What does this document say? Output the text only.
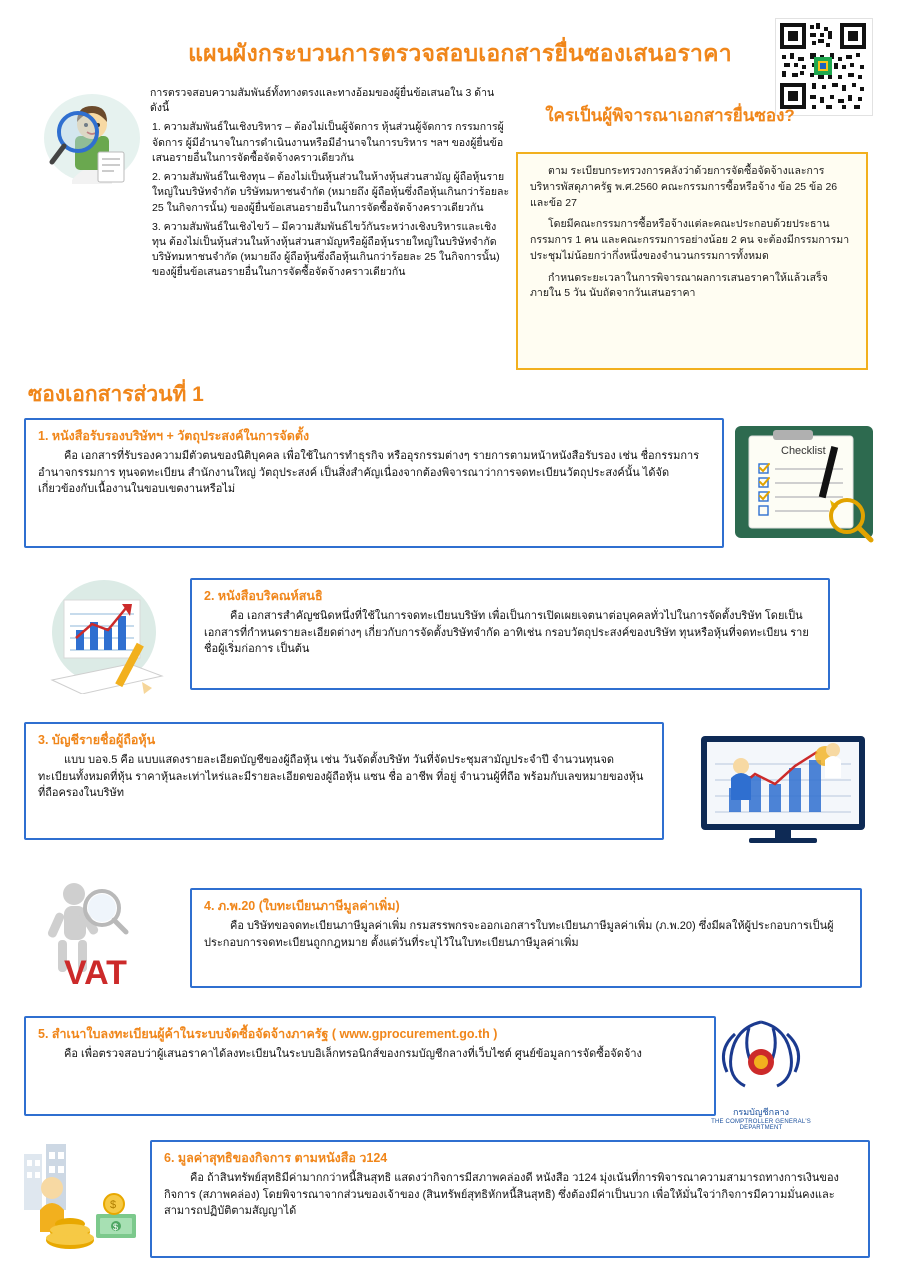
แผนผังกระบวนการตรวจสอบเอกสารยื่นซองเสนอราคา

การตรวจสอบความสัมพันธ์ทั้งทางตรงและทางอ้อมของผู้ยื่นข้อเสนอใน 3 ด้าน ดังนี้

1. ความสัมพันธ์ในเชิงบริหาร – ต้องไม่เป็นผู้จัดการ หุ้นส่วนผู้จัดการ กรรมการผู้จัดการ ผู้มีอำนาจในการดำเนินงานหรือมีอำนาจในการบริหาร ฯลฯ ของผู้ยื่นข้อเสนอรายอื่นในการจัดซื้อจัดจ้างคราวเดียวกัน
2. ความสัมพันธ์ในเชิงทุน – ต้องไม่เป็นหุ้นส่วนในห้างหุ้นส่วนสามัญ ผู้ถือหุ้นรายใหญ่ในบริษัทจำกัด บริษัทมหาชนจำกัด (หมายถึง ผู้ถือหุ้นซึ่งถือหุ้นเกินกว่าร้อยละ 25 ในกิจการนั้น) ของผู้ยื่นข้อเสนอรายอื่นในการจัดซื้อจัดจ้างคราวเดียวกัน
3. ความสัมพันธ์ในเชิงไขว้ – มีความสัมพันธ์ไขว้กันระหว่างเชิงบริหารและเชิงทุน ต้องไม่เป็นหุ้นส่วนในห้างหุ้นส่วนสามัญหรือผู้ถือหุ้นรายใหญ่ในบริษัทจำกัด บริษัทมหาชนจำกัด (หมายถึง ผู้ถือหุ้นซึ่งถือหุ้นเกินกว่าร้อยละ 25 ในกิจการนั้น) ของผู้ยื่นข้อเสนอรายอื่นในการจัดซื้อจัดจ้างคราวเดียวกัน
ใครเป็นผู้พิจารณาเอกสารยื่นซอง?

ตาม ระเบียบกระทรวงการคลังว่าด้วยการจัดซื้อจัดจ้างและการบริหารพัสดุภาครัฐ พ.ศ.2560 คณะกรรมการซื้อหรือจ้าง ข้อ 25 ข้อ 26 และข้อ 27

โดยมีคณะกรรมการซื้อหรือจ้างแต่ละคณะประกอบด้วยประธานกรรมการ 1 คน และคณะกรรมการอย่างน้อย 2 คน จะต้องมีกรรมการมาประชุมไม่น้อยกว่ากึ่งหนึ่งของจำนวนกรรมการทั้งหมด

กำหนดระยะเวลาในการพิจารณาผลการเสนอราคาให้แล้วเสร็จภายใน 5 วัน นับถัดจากวันเสนอราคา

ซองเอกสารส่วนที่ 1
1. หนังสือรับรองบริษัทฯ + วัตถุประสงค์ในการจัดตั้ง

คือ เอกสารที่รับรองความมีตัวตนของนิติบุคคล เพื่อใช้ในการทำธุรกิจ หรืออุรกรรมต่างๆ รายการตามหน้าหนังสือรับรอง เช่น ชื่อกรรมการ อำนาจกรรมการ ทุนจดทะเบียน สำนักงานใหญ่ วัตถุประสงค์ เป็นสิ่งสำคัญเนื่องจากต้องพิจารณาว่าการจดทะเบียนวัตถุประสงค์นั้น ได้จัดเกี่ยวข้องกับเนื้องานในขอบเขตงานหรือไม่

Checklist
2. หนังสือบริคณห์สนธิ

คือ เอกสารสำคัญชนิดหนึ่งที่ใช้ในการจดทะเบียนบริษัท เพื่อเป็นการเปิดเผยเจตนาต่อบุคคลทั่วไปในการจัดตั้งบริษัท โดยเป็นเอกสารที่กำหนดรายละเอียดต่างๆ เกี่ยวกับการจัดตั้งบริษัทจำกัด อาทิเช่น กรอบวัตถุประสงค์ของบริษัท ทุนหรือหุ้นที่จดทะเบียน รายชื่อผู้เริ่มก่อการ เป็นต้น

3. บัญชีรายชื่อผู้ถือหุ้น

แบบ บอจ.5 คือ แบบแสดงรายละเอียดบัญชีของผู้ถือหุ้น เช่น วันจัดตั้งบริษัท วันที่จัดประชุมสามัญประจำปี จำนวนทุนจดทะเบียนทั้งหมดที่หุ้น ราคาหุ้นละเท่าไหร่และมีรายละเอียดของผู้ถือหุ้น แซน ชื่อ อาชีพ ที่อยู่ จำนวนผู้ที่ถือ พร้อมกับเลขหมายของหุ้นที่ถือครองในบริษัท

VAT
4. ภ.พ.20 (ใบทะเบียนภาษีมูลค่าเพิ่ม)

คือ บริษัทขอจดทะเบียนภาษีมูลค่าเพิ่ม กรมสรรพกรจะออกเอกสารใบทะเบียนภาษีมูลค่าเพิ่ม (ภ.พ.20) ซึ่งมีผลให้ผู้ประกอบการเป็นผู้ประกอบการจดทะเบียนถูกกฎหมาย ตั้งแต่วันที่ระบุไว้ในใบทะเบียนภาษีมูลค่าเพิ่ม

5. สำเนาใบลงทะเบียนผู้ค้าในระบบจัดซื้อจัดจ้างภาครัฐ ( www.gprocurement.go.th )

คือ เพื่อตรวจสอบว่าผู้เสนอราคาได้ลงทะเบียนในระบบอิเล็กทรอนิกส์ของกรมบัญชีกลางที่เว็บไซต์ ศูนย์ข้อมูลการจัดซื้อจัดจ้าง

กรมบัญชีกลาง
THE COMPTROLLER GENERAL'S DEPARTMENT
$
$
6. มูลค่าสุทธิของกิจการ ตามหนังสือ ว124

คือ ถ้าสินทรัพย์สุทธิมีค่ามากกว่าหนี้สินสุทธิ แสดงว่ากิจการมีสภาพคล่องดี หนังสือ ว124 มุ่งเน้นที่การพิจารณาความสามารถทางการเงินของกิจการ (สภาพคล่อง) โดยพิจารณาจากส่วนของเจ้าของ (สินทรัพย์สุทธิหักหนี้สินสุทธิ) ซึ่งต้องมีค่าเป็นบวก เพื่อให้มั่นใจว่ากิจการมีความมั่นคงและสามารถปฏิบัติตามสัญญาได้
